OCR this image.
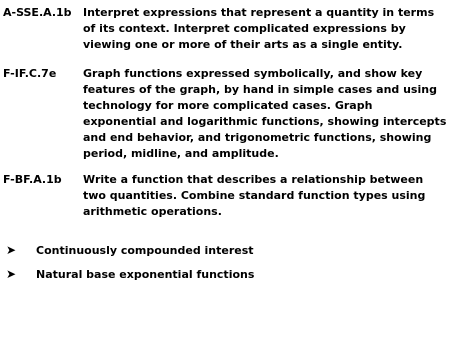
A-SSE.A.1b	Interpret expressions that represent a quantity in terms of its context. Interpret complicated expressions by viewing one or more of their arts as a single entity.
F-IF.C.7e	Graph functions expressed symbolically, and show key features of the graph, by hand in simple cases and using technology for more complicated cases. Graph exponential and logarithmic functions, showing intercepts and end behavior, and trigonometric functions, showing period, midline, and amplitude.
F-BF.A.1b	Write a function that describes a relationship between two quantities. Combine standard function types using arithmetic operations.
➤ Continuously compounded interest
➤ Natural base exponential functions
